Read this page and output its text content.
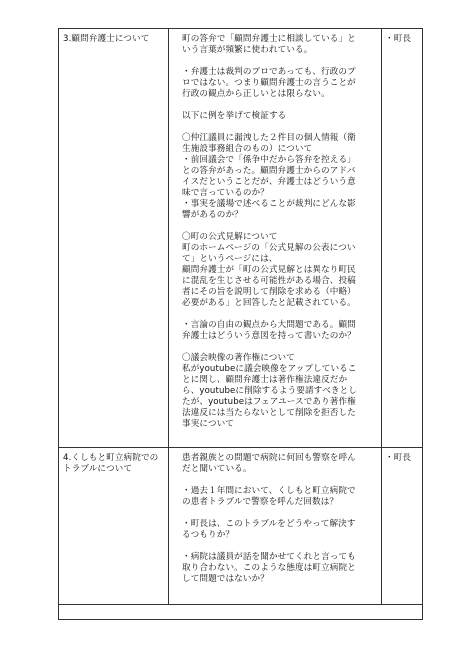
3.顧問弁護士について	町の答弁で「顧問弁護士に相談している」と

いう言葉が頻繁に使われている。

・弁護士は裁判のプロであっても、行政のプ

ロではない。つまり顧問弁護士の言うことが

行政の観点から正しいとは限らない。

以下に例を挙げて検証する

〇仲江議員に漏洩した２件目の個人情報（衛

生施設事務組合のもの）について

・前回議会で「係争中だから答弁を控える」

との答弁があった。顧問弁護士からのアドバ

イスだということだが、弁護士はどういう意

味で言っているのか？

・事実を議場で述べることが裁判にどんな影

響があるのか？

〇町の公式見解について

町のホームページの「公式見解の公表につい

て」というページには、

顧問弁護士が「町の公式見解とは異なり町民

に混乱を生じさせる可能性がある場合、投稿

者にその旨を説明して削除を求める（中略）

必要がある」と回答したと記載されている。

・言論の自由の観点から大問題である。顧問

弁護士はどういう意図を持って書いたのか？

〇議会映像の著作権について

私がyoutubeに議会映像をアップしているこ

とに関し、顧問弁護士は著作権法違反だか

ら、youtubeに削除するよう要請すべきとし

たが、youtubeはフェアユースであり著作権

法違反には当たらないとして削除を拒否した

事実について

・町長

4.くしもと町立病院での
トラブルについて

患者親族との問題で病院に何回も警察を呼ん

だと聞いている。

・過去１年間において、くしもと町立病院で

の患者トラブルで警察を呼んだ回数は？

・町長は、このトラブルをどうやって解決す

るつもりか？

・病院は議員が話を聞かせてくれと言っても

取り合わない。このような態度は町立病院と

して問題ではないか？

・町長
